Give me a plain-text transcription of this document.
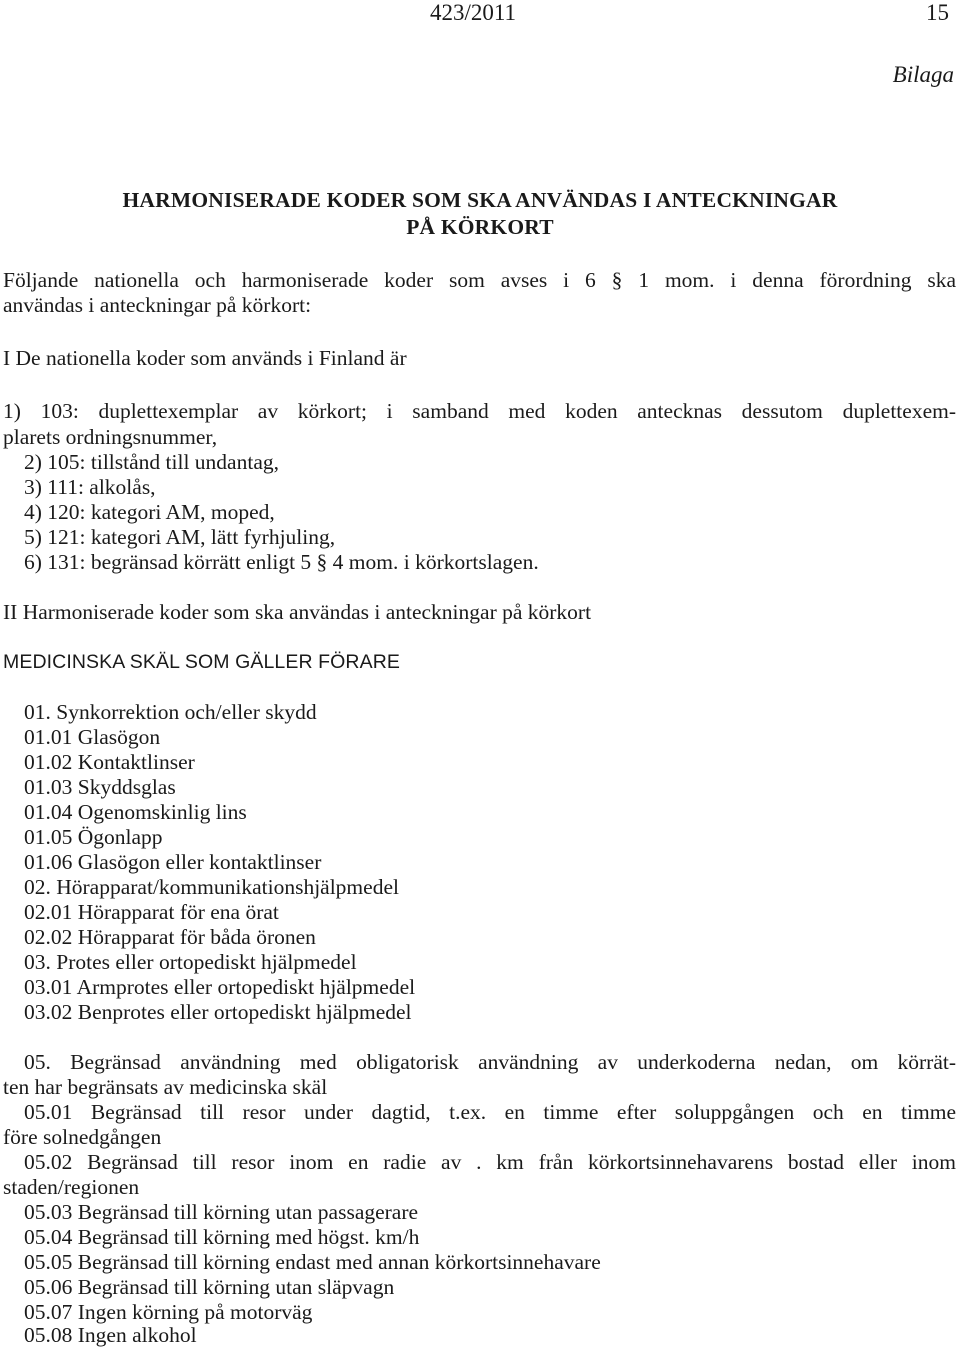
423/2011	15
Bilaga
HARMONISERADE KODER SOM SKA ANVÄNDAS I ANTECKNINGAR
PÅ KÖRKORT
Följande nationella och harmoniserade koder som avses i 6 § 1 mom. i denna förordning ska
användas i anteckningar på körkort:
I De nationella koder som används i Finland är
1) 103: duplettexemplar av körkort; i samband med koden antecknas dessutom duplettexem-
plarets ordningsnummer,
2) 105: tillstånd till undantag,
3) 111: alkolås,
4) 120: kategori AM, moped,
5) 121: kategori AM, lätt fyrhjuling,
6) 131: begränsad körrätt enligt 5 § 4 mom. i körkortslagen.
II Harmoniserade koder som ska användas i anteckningar på körkort
MEDICINSKA SKÄL SOM GÄLLER FÖRARE
01. Synkorrektion och/eller skydd
01.01 Glasögon
01.02 Kontaktlinser
01.03 Skyddsglas
01.04 Ogenomskinlig lins
01.05 Ögonlapp
01.06 Glasögon eller kontaktlinser
02. Hörapparat/kommunikationshjälpmedel
02.01 Hörapparat för ena örat
02.02 Hörapparat för båda öronen
03. Protes eller ortopediskt hjälpmedel
03.01 Armprotes eller ortopediskt hjälpmedel
03.02 Benprotes eller ortopediskt hjälpmedel
05. Begränsad användning med obligatorisk användning av underkoderna nedan, om körrät-
ten har begränsats av medicinska skäl
05.01 Begränsad till resor under dagtid, t.ex. en timme efter soluppgången och en timme
före solnedgången
05.02 Begränsad till resor inom en radie av . km från körkortsinnehavarens bostad eller inom
staden/regionen
05.03 Begränsad till körning utan passagerare
05.04 Begränsad till körning med högst. km/h
05.05 Begränsad till körning endast med annan körkortsinnehavare
05.06 Begränsad till körning utan släpvagn
05.07 Ingen körning på motorväg
05.08 Ingen alkohol
